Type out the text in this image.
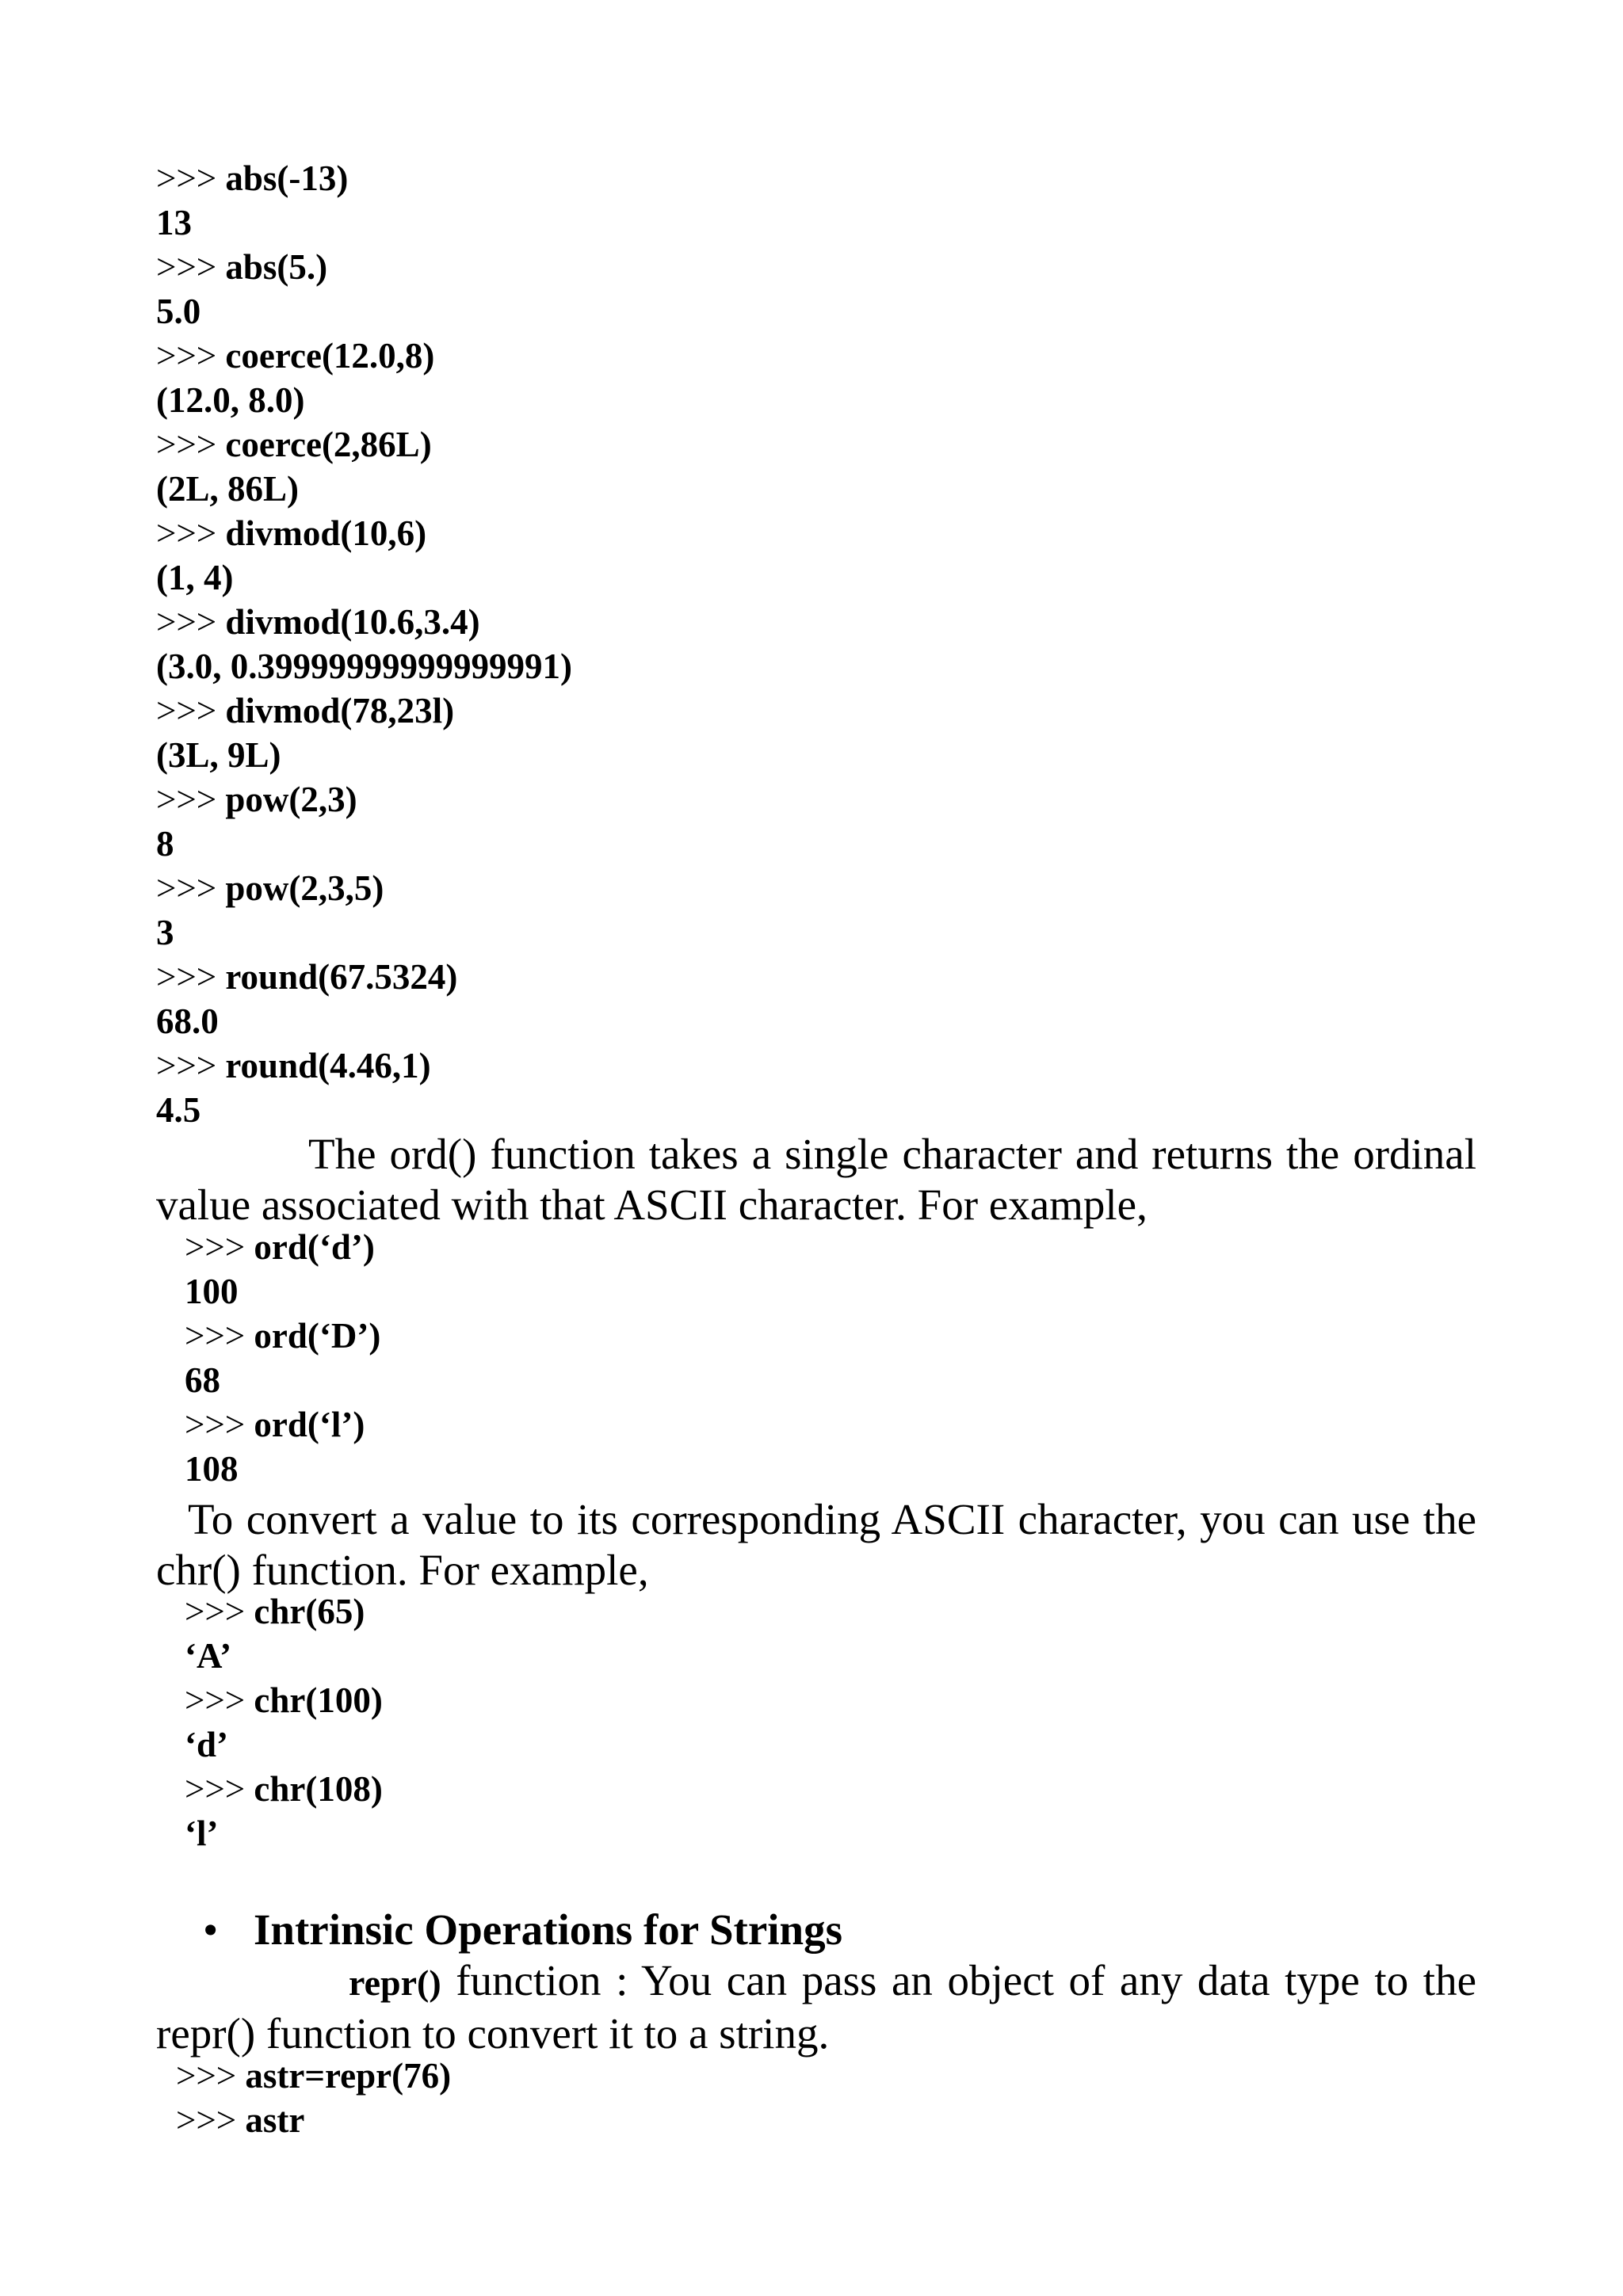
>>> abs(-13)
13
>>> abs(5.)
5.0
>>> coerce(12.0,8)
(12.0, 8.0)
>>> coerce(2,86L)
(2L, 86L)
>>> divmod(10,6)
(1, 4)
>>> divmod(10.6,3.4)
(3.0, 0.39999999999999991)
>>> divmod(78,23l)
(3L, 9L)
>>> pow(2,3)
8
>>> pow(2,3,5)
3
>>> round(67.5324)
68.0
>>> round(4.46,1)
4.5

The ord() function takes a single character and returns the ordinal value associated with that ASCII character. For example,

>>> ord(‘d’)
100
>>> ord(‘D’)
68
>>> ord(‘l’)
108

To convert a value to its corresponding ASCII character, you can use the chr() function. For example,

>>> chr(65)
‘A’
>>> chr(100)
‘d’
>>> chr(108)
‘l’
• Intrinsic Operations for Strings

repr() function : You can pass an object of any data type to the repr() function to convert it to a string.

>>> astr=repr(76)
>>> astr
